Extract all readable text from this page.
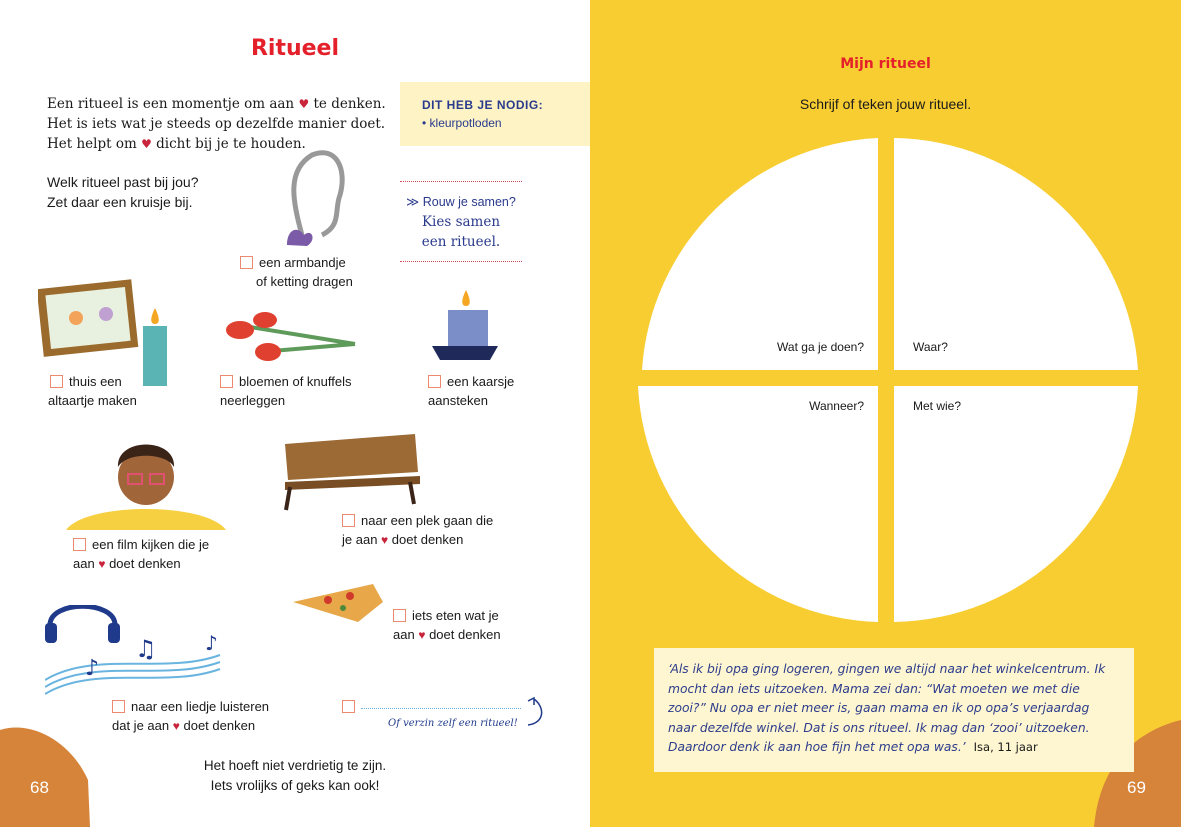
68	69
Ritueel
Een ritueel is een momentje om aan ♥ te denken.
Het is iets wat je steeds op dezelfde manier doet.
Het helpt om ♥ dicht bij je te houden.
Welk ritueel past bij jou?
Zet daar een kruisje bij.
DIT HEB JE NODIG:
• kleurpotloden
≫ Rouw je samen?
Kies samen
een ritueel.
♪
♫ ♪
een armbandje
of ketting dragen
thuis een
altaartje maken
bloemen of knuffels
neerleggen
een kaarsje
aansteken
een film kijken die je
aan ♥ doet denken
naar een plek gaan die
je aan ♥ doet denken
iets eten wat je
aan ♥ doet denken
naar een liedje luisteren
dat je aan ♥ doet denken	Of verzin zelf een ritueel!
Het hoeft niet verdrietig te zijn.
Iets vrolijks of geks kan ook!
Mijn ritueel
Schrijf of teken jouw ritueel.
Wat ga je doen?	Waar?
Wanneer?	Met wie?
‘Als ik bij opa ging logeren, gingen we altijd naar het winkelcentrum. Ik mocht dan iets uitzoeken. Mama zei dan: “Wat moeten we met die zooi?” Nu opa er niet meer is, gaan mama en ik op opa’s verjaardag naar dezelfde winkel. Dat is ons ritueel. Ik mag dan ‘zooi’ uitzoeken. Daardoor denk ik aan hoe fijn het met opa was.’ Isa, 11 jaar
